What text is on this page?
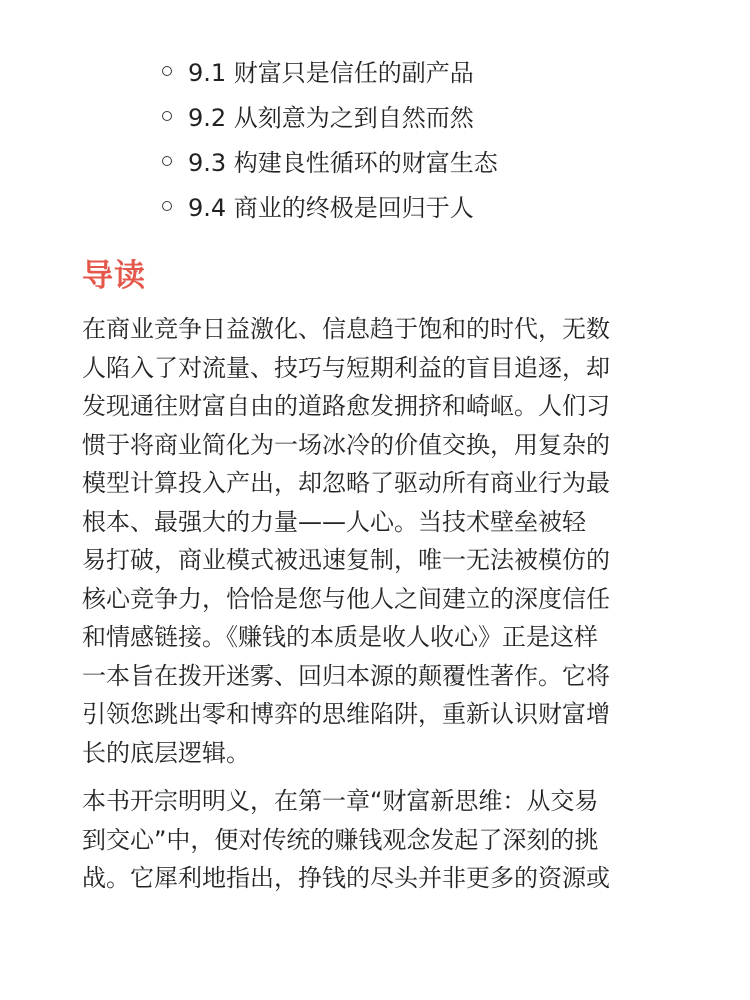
9.1 财富只是信任的副产品
9.2 从刻意为之到自然而然
9.3 构建良性循环的财富生态
9.4 商业的终极是回归于人
导读

在商业竞争日益激化、信息趋于饱和的时代，无数
人陷入了对流量、技巧与短期利益的盲目追逐，却
发现通往财富自由的道路愈发拥挤和崎岖。人们习
惯于将商业简化为一场冰冷的价值交换，用复杂的
模型计算投入产出，却忽略了驱动所有商业行为最
根本、最强大的力量——人心。当技术壁垒被轻
易打破，商业模式被迅速复制，唯一无法被模仿的
核心竞争力，恰恰是您与他人之间建立的深度信任
和情感链接。《赚钱的本质是收人收心》正是这样
一本旨在拨开迷雾、回归本源的颠覆性著作。它将
引领您跳出零和博弈的思维陷阱，重新认识财富增
长的底层逻辑。

本书开宗明明义，在第一章“财富新思维：从交易
到交心”中，便对传统的赚钱观念发起了深刻的挑
战。它犀利地指出，挣钱的尽头并非更多的资源或
